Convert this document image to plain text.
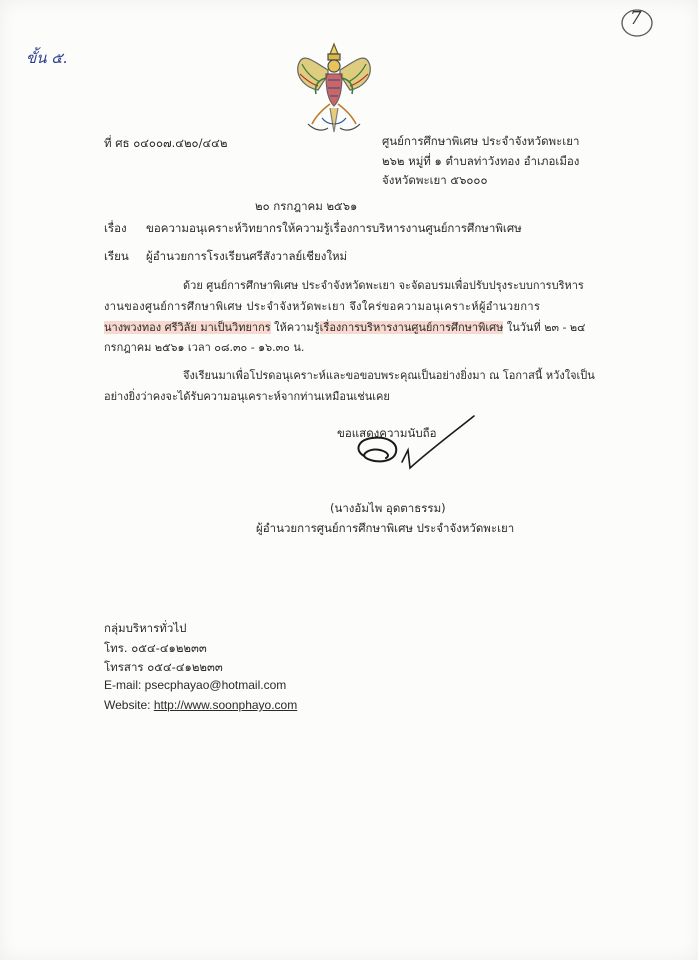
ขั้น ๕.
7
ที่ ศธ ๐๔๐๐๗.๔๒๐/๔๔๒	ศูนย์การศึกษาพิเศษ ประจำจังหวัดพะเยา
๒๖๒ หมู่ที่ ๑ ตำบลท่าวังทอง อำเภอเมือง
จังหวัดพะเยา ๕๖๐๐๐
๒๐ กรกฎาคม ๒๕๖๑
เรื่อง ขอความอนุเคราะห์วิทยากรให้ความรู้เรื่องการบริหารงานศูนย์การศึกษาพิเศษ
เรียน ผู้อำนวยการโรงเรียนศรีสังวาลย์เชียงใหม่
ด้วย ศูนย์การศึกษาพิเศษ ประจำจังหวัดพะเยา จะจัดอบรมเพื่อปรับปรุงระบบการบริหาร
งานของศูนย์การศึกษาพิเศษ ประจำจังหวัดพะเยา จึงใคร่ขอความอนุเคราะห์ผู้อำนวยการ
นางพวงทอง ศรีวิลัย มาเป็นวิทยากร ให้ความรู้เรื่องการบริหารงานศูนย์การศึกษาพิเศษ ในวันที่ ๒๓ - ๒๔
กรกฎาคม ๒๕๖๑ เวลา ๐๘.๓๐ - ๑๖.๓๐ น.
จึงเรียนมาเพื่อโปรดอนุเคราะห์และขอขอบพระคุณเป็นอย่างยิ่งมา ณ โอกาสนี้ หวังใจเป็น
อย่างยิ่งว่าคงจะได้รับความอนุเคราะห์จากท่านเหมือนเช่นเคย
ขอแสดงความนับถือ
(นางอัมไพ อุดตาธรรม)
ผู้อำนวยการศูนย์การศึกษาพิเศษ ประจำจังหวัดพะเยา
กลุ่มบริหารทั่วไป
โทร. ๐๕๔-๔๑๒๒๓๓
โทรสาร ๐๕๔-๔๑๒๒๓๓
E-mail: psecphayao@hotmail.com
Website: http://www.soonphayo.com
